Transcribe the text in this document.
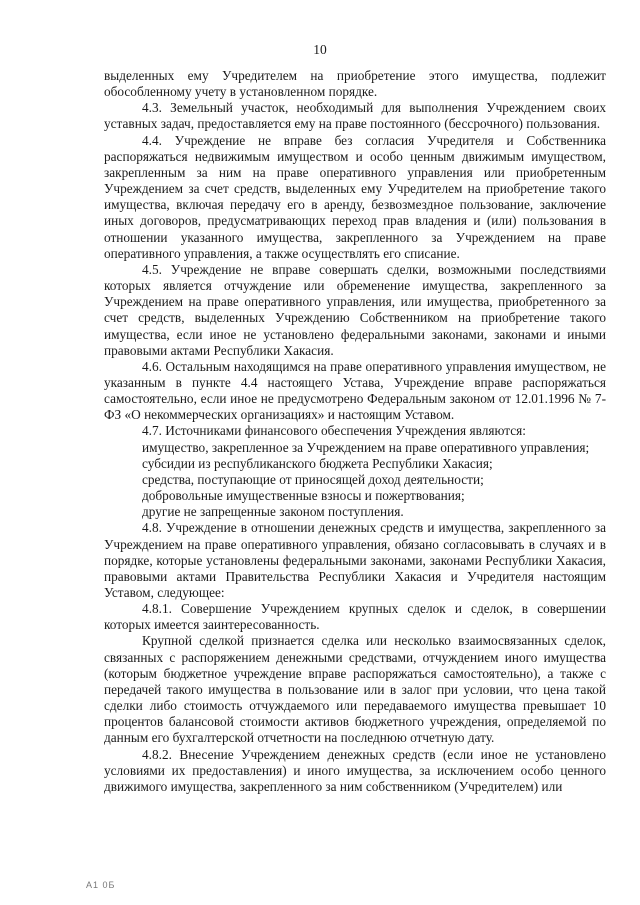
10

выделенных ему Учредителем на приобретение этого имущества, подлежит обособленному учету в установленном порядке.

4.3. Земельный участок, необходимый для выполнения Учреждением своих уставных задач, предоставляется ему на праве постоянного (бессрочного) пользования.

4.4. Учреждение не вправе без согласия Учредителя и Собственника распоряжаться недвижимым имуществом и особо ценным движимым имуществом, закрепленным за ним на праве оперативного управления или приобретенным Учреждением за счет средств, выделенных ему Учредителем на приобретение такого имущества, включая передачу его в аренду, безвозмездное пользование, заключение иных договоров, предусматривающих переход прав владения и (или) пользования в отношении указанного имущества, закрепленного за Учреждением на праве оперативного управления, а также осуществлять его списание.

4.5. Учреждение не вправе совершать сделки, возможными последствиями которых является отчуждение или обременение имущества, закрепленного за Учреждением на праве оперативного управления, или имущества, приобретенного за счет средств, выделенных Учреждению Собственником на приобретение такого имущества, если иное не установлено федеральными законами, законами и иными правовыми актами Республики Хакасия.

4.6. Остальным находящимся на праве оперативного управления имуществом, не указанным в пункте 4.4 настоящего Устава, Учреждение вправе распоряжаться самостоятельно, если иное не предусмотрено Федеральным законом от 12.01.1996 № 7-ФЗ «О некоммерческих организациях» и настоящим Уставом.

4.7. Источниками финансового обеспечения Учреждения являются:

имущество, закрепленное за Учреждением на праве оперативного управления;

субсидии из республиканского бюджета Республики Хакасия;

средства, поступающие от приносящей доход деятельности;

добровольные имущественные взносы и пожертвования;

другие не запрещенные законом поступления.

4.8. Учреждение в отношении денежных средств и имущества, закрепленного за Учреждением на праве оперативного управления, обязано согласовывать в случаях и в порядке, которые установлены федеральными законами, законами Республики Хакасия, правовыми актами Правительства Республики Хакасия и Учредителя настоящим Уставом, следующее:

4.8.1. Совершение Учреждением крупных сделок и сделок, в совершении которых имеется заинтересованность.

Крупной сделкой признается сделка или несколько взаимосвязанных сделок, связанных с распоряжением денежными средствами, отчуждением иного имущества (которым бюджетное учреждение вправе распоряжаться самостоятельно), а также с передачей такого имущества в пользование или в залог при условии, что цена такой сделки либо стоимость отчуждаемого или передаваемого имущества превышает 10 процентов балансовой стоимости активов бюджетного учреждения, определяемой по данным его бухгалтерской отчетности на последнюю отчетную дату.

4.8.2. Внесение Учреждением денежных средств (если иное не установлено условиями их предоставления) и иного имущества, за исключением особо ценного движимого имущества, закрепленного за ним собственником (Учредителем) или

A1 0Б
